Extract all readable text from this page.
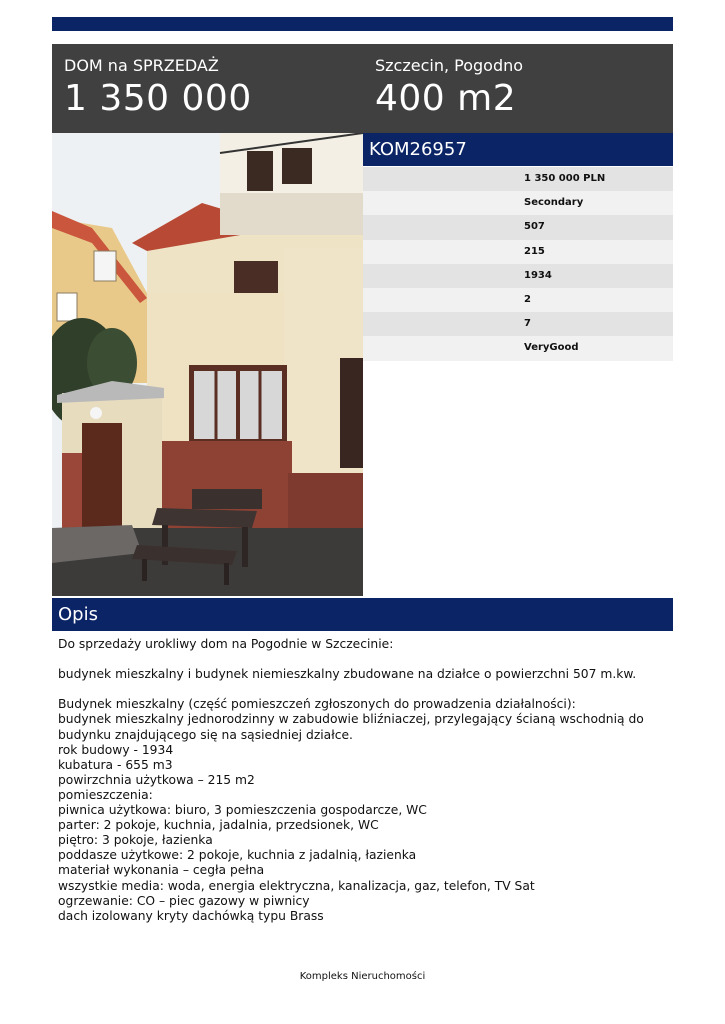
DOM na SPRZEDAŻ
1 350 000
Szczecin, Pogodno
400 m2
KOM26957
1 350 000 PLN
Secondary
507
215
1934
2
7
VeryGood
Opis
Do sprzedaży urokliwy dom na Pogodnie w Szczecinie:
budynek mieszkalny i budynek niemieszkalny zbudowane na działce o powierzchni 507 m.kw.
Budynek mieszkalny (część pomieszczeń zgłoszonych do prowadzenia działalności):
budynek mieszkalny jednorodzinny w zabudowie bliźniaczej, przylegający ścianą wschodnią do
budynku znajdującego się na sąsiedniej działce.
rok budowy - 1934
kubatura - 655 m3
powirzchnia użytkowa – 215 m2
pomieszczenia:
piwnica użytkowa: biuro, 3 pomieszczenia gospodarcze, WC
parter: 2 pokoje, kuchnia, jadalnia, przedsionek, WC
piętro: 3 pokoje, łazienka
poddasze użytkowe: 2 pokoje, kuchnia z jadalnią, łazienka
materiał wykonania – cegła pełna
wszystkie media: woda, energia elektryczna, kanalizacja, gaz, telefon, TV Sat
ogrzewanie: CO – piec gazowy w piwnicy
dach izolowany kryty dachówką typu Brass
Kompleks Nieruchomości
